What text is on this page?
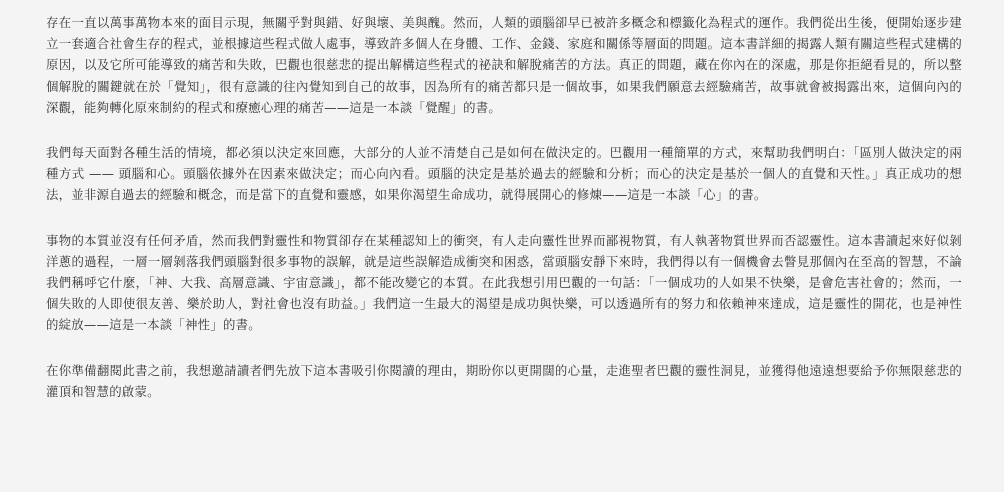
存在一直以萬事萬物本來的面目示現，無關乎對與錯、好與壞、美與醜。然而，人類的頭腦卻早已被許多概念和標籤化為程式的運作。我們從出生後，便開始逐步建立一套適合社會生存的程式，並根據這些程式做人處事，導致許多個人在身體、工作、金錢、家庭和關係等層面的問題。這本書詳細的揭露人類有關這些程式建構的原因，以及它所可能導致的痛苦和失敗，巴觀也很慈悲的提出解構這些程式的祕訣和解脫痛苦的方法。真正的問題，藏在你內在的深處，那是你拒絕看見的，所以整個解脫的關鍵就在於「覺知」，很有意識的往內覺知到自己的故事，因為所有的痛苦都只是一個故事，如果我們願意去經驗痛苦，故事就會被揭露出來，這個向內的深觀，能夠轉化原來制約的程式和療癒心理的痛苦——這是一本談「覺醒」的書。

我們每天面對各種生活的情境，都必須以決定來回應，大部分的人並不清楚自己是如何在做決定的。巴觀用一種簡單的方式，來幫助我們明白：「區別人做決定的兩種方式 —— 頭腦和心。頭腦依據外在因素來做決定；而心向內看。頭腦的決定是基於過去的經驗和分析；而心的決定是基於一個人的直覺和天性。」真正成功的想法，並非源自過去的經驗和概念，而是當下的直覺和靈感，如果你渴望生命成功，就得展開心的修煉——這是一本談「心」的書。

事物的本質並沒有任何矛盾，然而我們對靈性和物質卻存在某種認知上的衝突，有人走向靈性世界而鄙視物質，有人執著物質世界而否認靈性。這本書讀起來好似剝洋蔥的過程，一層一層剝落我們頭腦對很多事物的誤解，就是這些誤解造成衝突和困惑，當頭腦安靜下來時，我們得以有一個機會去瞥見那個內在至高的智慧，不論我們稱呼它什麼，「神、大我、高層意識、宇宙意識」，都不能改變它的本質。在此我想引用巴觀的一句話：「一個成功的人如果不快樂，是會危害社會的；然而，一個失敗的人即使很友善、樂於助人，對社會也沒有助益。」我們這一生最大的渴望是成功與快樂，可以透過所有的努力和依賴神來達成，這是靈性的開花，也是神性的綻放——這是一本談「神性」的書。

在你準備翻閱此書之前，我想邀請讀者們先放下這本書吸引你閱讀的理由，期盼你以更開闊的心量，走進聖者巴觀的靈性洞見，並獲得他遠遠想要給予你無限慈悲的灌頂和智慧的啟蒙。
